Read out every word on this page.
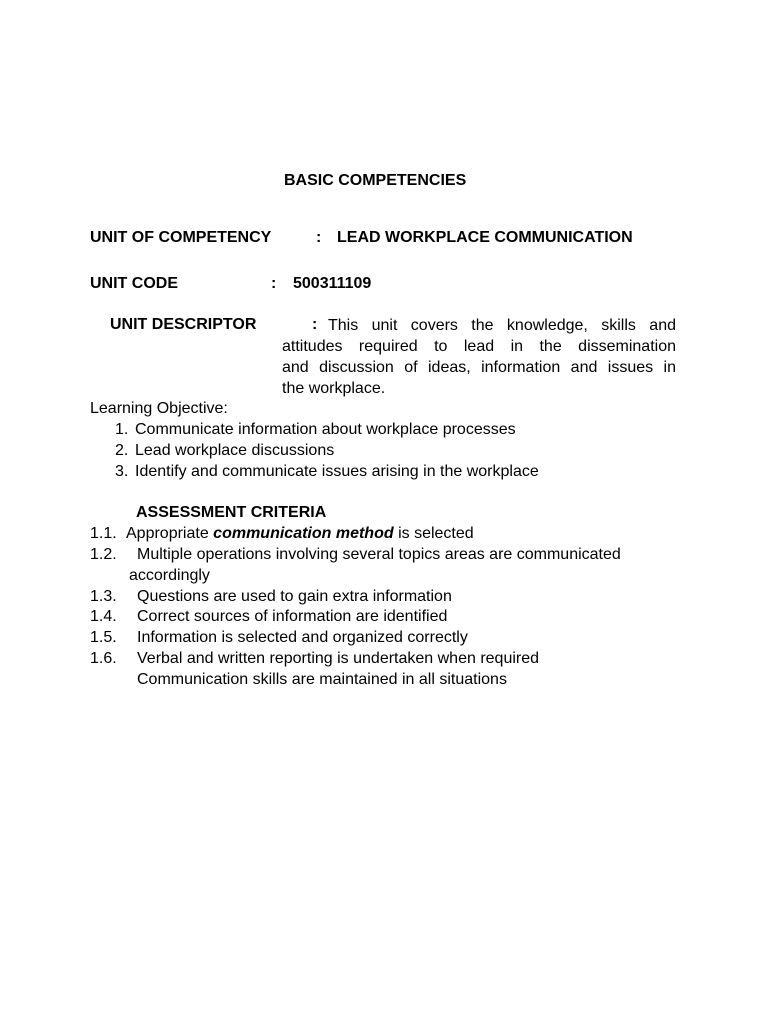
BASIC COMPETENCIES
UNIT OF COMPETENCY	: LEAD WORKPLACE COMMUNICATION
UNIT CODE	: 500311109
UNIT DESCRIPTOR	: This unit covers the knowledge, skills and
attitudes required to lead in the dissemination
and discussion of ideas, information and issues in
the workplace.
Learning Objective:
1. Communicate information about workplace processes
2. Lead workplace discussions
3. Identify and communicate issues arising in the workplace
ASSESSMENT CRITERIA
1.1. Appropriate communication method is selected
1.2. Multiple operations involving several topics areas are communicated
accordingly
1.3. Questions are used to gain extra information
1.4. Correct sources of information are identified
1.5. Information is selected and organized correctly
1.6. Verbal and written reporting is undertaken when required
Communication skills are maintained in all situations
